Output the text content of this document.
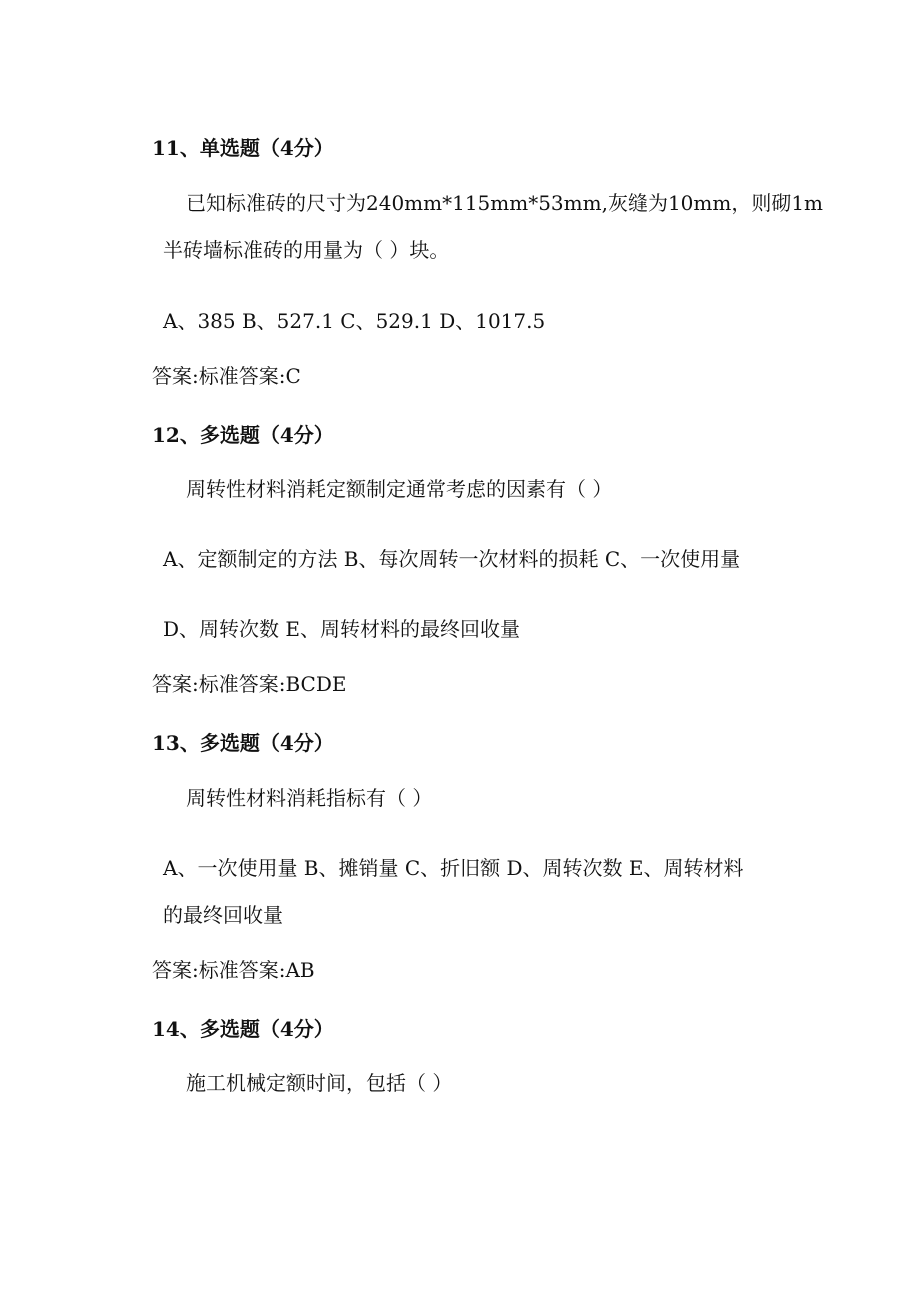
11、单选题（4分）
已知标准砖的尺寸为240mm*115mm*53mm,灰缝为10mm，则砌1m
半砖墙标准砖的用量为（ ）块。
A、385 B、527.1 C、529.1 D、1017.5
答案:标准答案:C
12、多选题（4分）
周转性材料消耗定额制定通常考虑的因素有（ ）
A、定额制定的方法 B、每次周转一次材料的损耗 C、一次使用量
D、周转次数 E、周转材料的最终回收量
答案:标准答案:BCDE
13、多选题（4分）
周转性材料消耗指标有（ ）
A、一次使用量 B、摊销量 C、折旧额 D、周转次数 E、周转材料
的最终回收量
答案:标准答案:AB
14、多选题（4分）
施工机械定额时间，包括（ ）
